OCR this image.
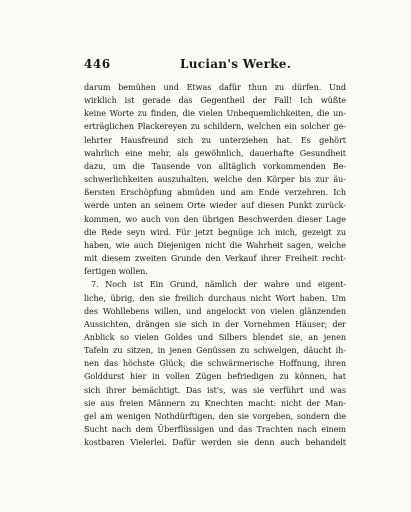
446	Lucian's Werke.
darum bemühen und Etwas dafür thun zu dürfen. Und
wirklich ist gerade das Gegentheil der Fall! Ich wüßte
keine Worte zu finden, die vielen Unbequemlichkeiten, die un-
erträglichen Plackereyen zu schildern, welchen ein solcher ge-
lehrter Hausfreund sich zu unterziehen hat. Es gehört
wahrlich eine mehr, als gewöhnlich, dauerhafte Gesundheit
dazu, um die Tausende von alltäglich vorkommenden Be-
schwerlichkeiten auszuhalten, welche den Körper bis zur äu-
ßersten Erschöpfung abmüden und am Ende verzehren. Ich
werde unten an seinem Orte wieder auf diesen Punkt zurück-
kommen, wo auch von den übrigen Beschwerden dieser Lage
die Rede seyn wird. Für jetzt begnüge ich mich, gezeigt zu
haben, wie auch Diejenigen nicht die Wahrheit sagen, welche
mit diesem zweiten Grunde den Verkauf ihrer Freiheit recht-
fertigen wollen.
7. Noch ist Ein Grund, nämlich der wahre und eigent-
liche, übrig, den sie freilich durchaus nicht Wort haben. Um
des Wohllebens willen, und angelockt von vielen glänzenden
Aussichten, drängen sie sich in der Vornehmen Häuser; der
Anblick so vielen Goldes und Silbers blendet sie, an jenen
Tafeln zu sitzen, in jenen Genüssen zu schwelgen, däucht ih-
nen das höchste Glück; die schwärmerische Hoffnung, ihren
Golddurst hier in vollen Zügen befriedigen zu können, hat
sich ihrer bemächtigt. Das ist's, was sie verführt und was
sie aus freien Männern zu Knechten macht: nicht der Man-
gel am wenigen Nothdürftigen, den sie vorgeben, sondern die
Sucht nach dem Überflüssigen und das Trachten nach einem
kostbaren Vielerlei. Dafür werden sie denn auch behandelt
